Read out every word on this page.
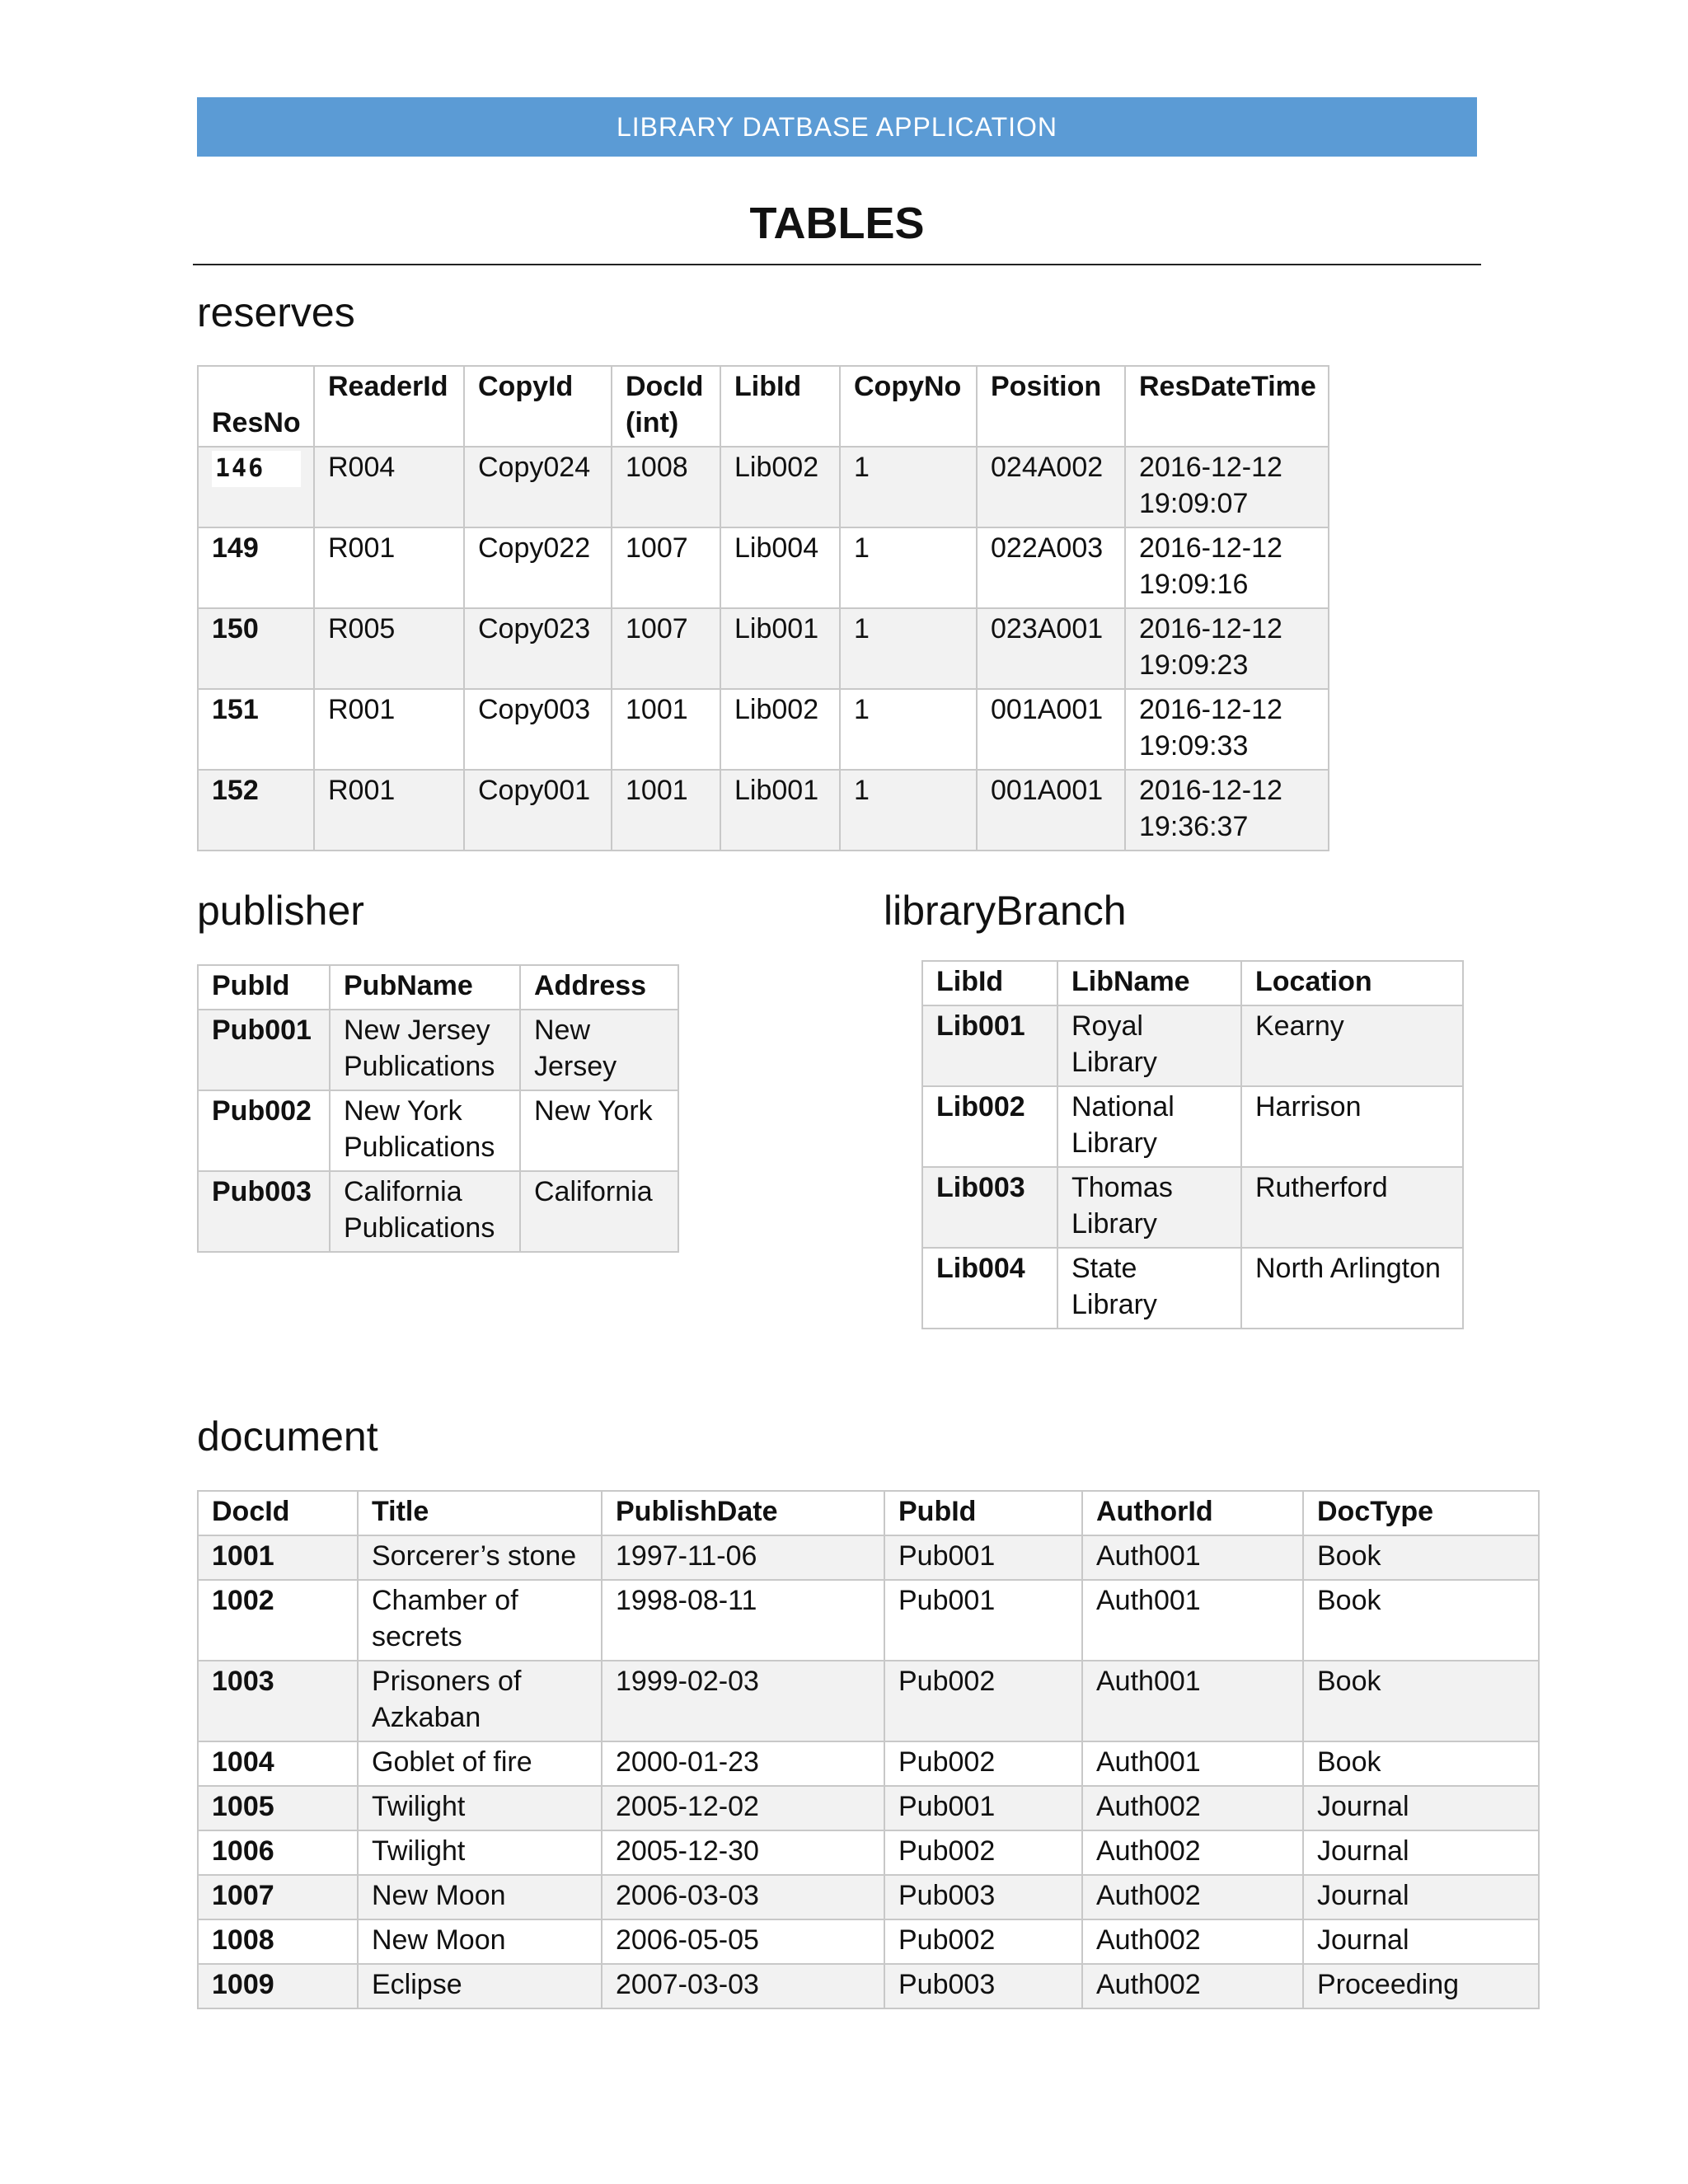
LIBRARY DATBASE APPLICATION
TABLES
reserves
ResNo	ReaderId	CopyId	DocId (int)	LibId	CopyNo	Position	ResDateTime
146	R004	Copy024	1008	Lib002	1	024A002	2016-12-12 19:09:07
149	R001	Copy022	1007	Lib004	1	022A003	2016-12-12 19:09:16
150	R005	Copy023	1007	Lib001	1	023A001	2016-12-12 19:09:23
151	R001	Copy003	1001	Lib002	1	001A001	2016-12-12 19:09:33
152	R001	Copy001	1001	Lib001	1	001A001	2016-12-12 19:36:37
publisher
PubId	PubName	Address
Pub001	New Jersey Publications	New Jersey
Pub002	New York Publications	New York
Pub003	California Publications	California
libraryBranch
LibId	LibName	Location
Lib001	Royal Library	Kearny
Lib002	National Library	Harrison
Lib003	Thomas Library	Rutherford
Lib004	State Library	North Arlington
document
DocId	Title	PublishDate	PubId	AuthorId	DocType
1001	Sorcerer’s stone	1997-11-06	Pub001	Auth001	Book
1002	Chamber of secrets	1998-08-11	Pub001	Auth001	Book
1003	Prisoners of Azkaban	1999-02-03	Pub002	Auth001	Book
1004	Goblet of fire	2000-01-23	Pub002	Auth001	Book
1005	Twilight	2005-12-02	Pub001	Auth002	Journal
1006	Twilight	2005-12-30	Pub002	Auth002	Journal
1007	New Moon	2006-03-03	Pub003	Auth002	Journal
1008	New Moon	2006-05-05	Pub002	Auth002	Journal
1009	Eclipse	2007-03-03	Pub003	Auth002	Proceeding
